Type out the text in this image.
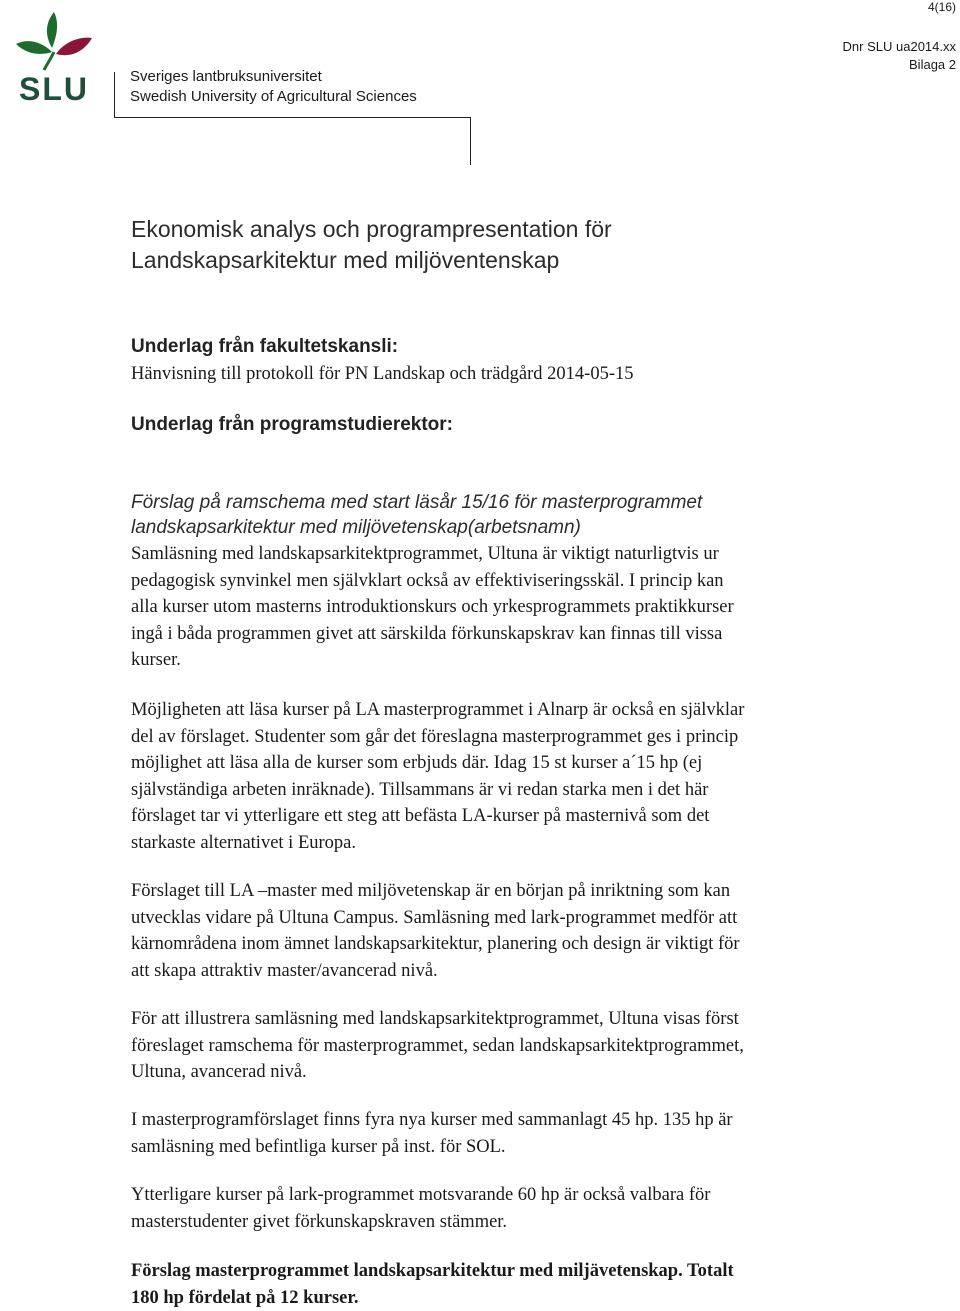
4(16)
Dnr SLU ua2014.xx
Bilaga 2
SLU	Sveriges lantbruksuniversitet
Swedish University of Agricultural Sciences
Ekonomisk analys och programpresentation för
Landskapsarkitektur med miljöventenskap
Underlag från fakultetskansli:
Hänvisning till protokoll för PN Landskap och trädgård 2014-05-15
Underlag från programstudierektor:
Förslag på ramschema med start läsår 15/16 för masterprogrammet
landskapsarkitektur med miljövetenskap(arbetsnamn)
Samläsning med landskapsarkitektprogrammet, Ultuna är viktigt naturligtvis ur
pedagogisk synvinkel men självklart också av effektiviseringsskäl. I princip kan
alla kurser utom masterns introduktionskurs och yrkesprogrammets praktikkurser
ingå i båda programmen givet att särskilda förkunskapskrav kan finnas till vissa
kurser.
Möjligheten att läsa kurser på LA masterprogrammet i Alnarp är också en självklar
del av förslaget. Studenter som går det föreslagna masterprogrammet ges i princip
möjlighet att läsa alla de kurser som erbjuds där. Idag 15 st kurser a´15 hp (ej
självständiga arbeten inräknade). Tillsammans är vi redan starka men i det här
förslaget tar vi ytterligare ett steg att befästa LA-kurser på masternivå som det
starkaste alternativet i Europa.
Förslaget till LA –master med miljövetenskap är en början på inriktning som kan
utvecklas vidare på Ultuna Campus. Samläsning med lark-programmet medför att
kärnområdena inom ämnet landskapsarkitektur, planering och design är viktigt för
att skapa attraktiv master/avancerad nivå.
För att illustrera samläsning med landskapsarkitektprogrammet, Ultuna visas först
föreslaget ramschema för masterprogrammet, sedan landskapsarkitektprogrammet,
Ultuna, avancerad nivå.
I masterprogramförslaget finns fyra nya kurser med sammanlagt 45 hp. 135 hp är
samläsning med befintliga kurser på inst. för SOL.
Ytterligare kurser på lark-programmet motsvarande 60 hp är också valbara för
masterstudenter givet förkunskapskraven stämmer.
Förslag masterprogrammet landskapsarkitektur med miljävetenskap. Totalt
180 hp fördelat på 12 kurser.
